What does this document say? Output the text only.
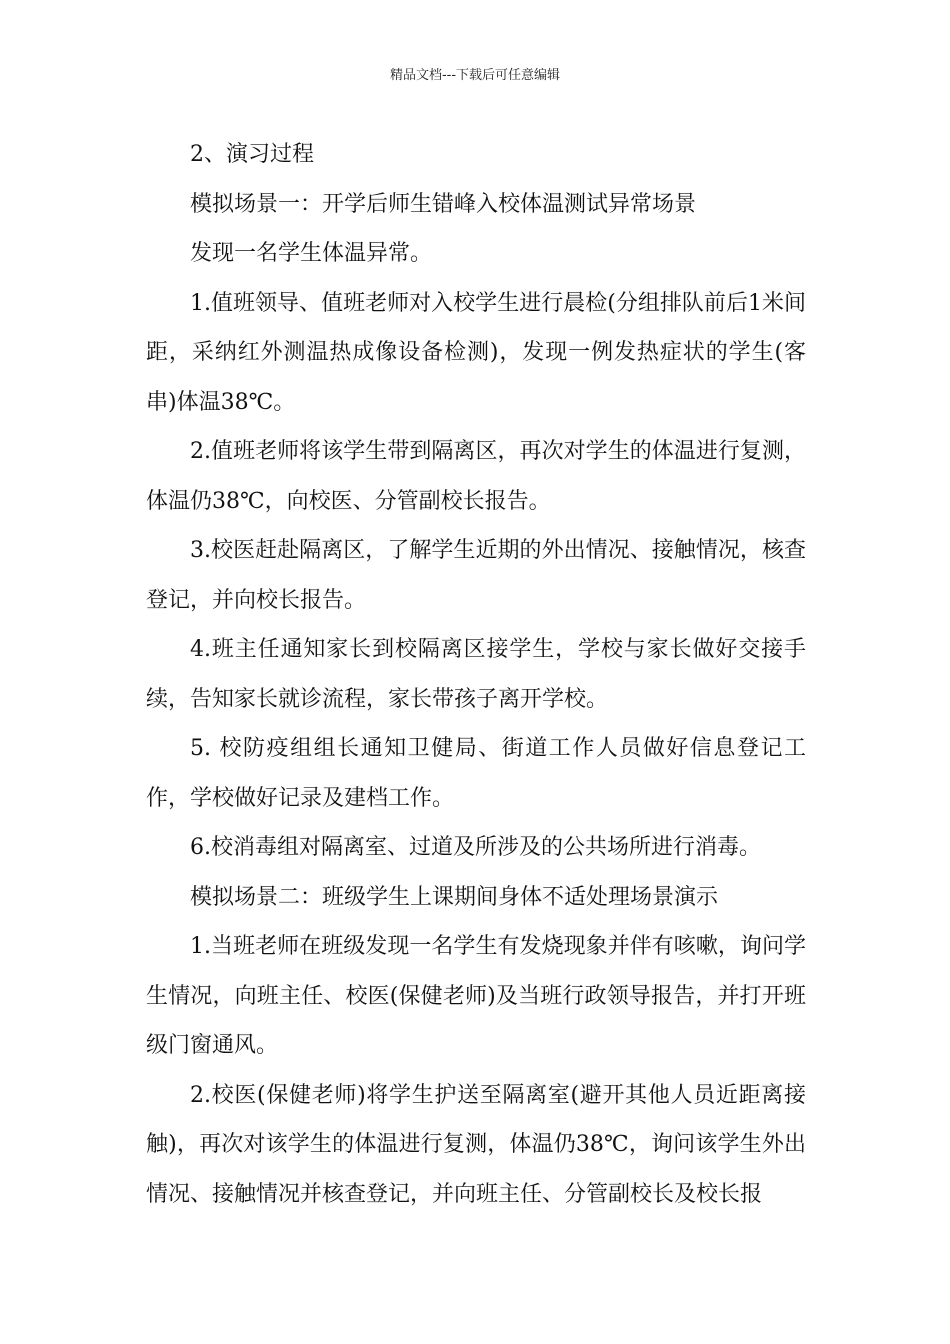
精品文档---下载后可任意编辑

2、演习过程

模拟场景一：开学后师生错峰入校体温测试异常场景

发现一名学生体温异常。

1.值班领导、值班老师对入校学生进行晨检(分组排队前后1米间距，采纳红外测温热成像设备检测)，发现一例发热症状的学生(客串)体温38℃。

2.值班老师将该学生带到隔离区，再次对学生的体温进行复测，体温仍38℃，向校医、分管副校长报告。

3.校医赶赴隔离区，了解学生近期的外出情况、接触情况，核查登记，并向校长报告。

4.班主任通知家长到校隔离区接学生，学校与家长做好交接手续，告知家长就诊流程，家长带孩子离开学校。

5. 校防疫组组长通知卫健局、街道工作人员做好信息登记工作，学校做好记录及建档工作。

6.校消毒组对隔离室、过道及所涉及的公共场所进行消毒。

模拟场景二：班级学生上课期间身体不适处理场景演示

1.当班老师在班级发现一名学生有发烧现象并伴有咳嗽，询问学生情况，向班主任、校医(保健老师)及当班行政领导报告，并打开班级门窗通风。

2.校医(保健老师)将学生护送至隔离室(避开其他人员近距离接触)，再次对该学生的体温进行复测，体温仍38℃，询问该学生外出情况、接触情况并核查登记，并向班主任、分管副校长及校长报
